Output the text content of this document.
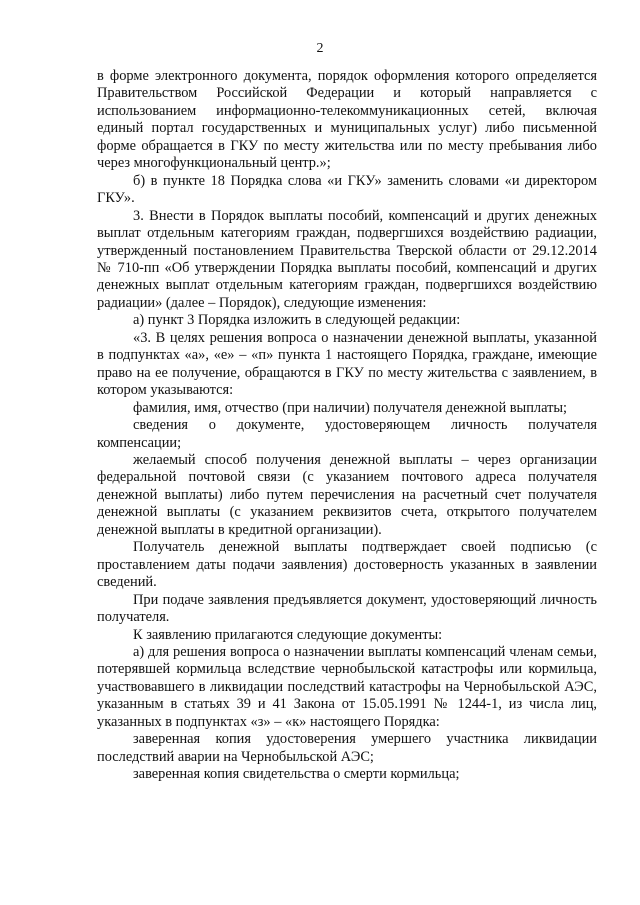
2

в форме электронного документа, порядок оформления которого определяется Правительством Российской Федерации и который направляется с использованием информационно-телекоммуникационных сетей, включая единый портал государственных и муниципальных услуг) либо письменной форме обращается в ГКУ по месту жительства или по месту пребывания либо через многофункциональный центр.»;

б) в пункте 18 Порядка слова «и ГКУ» заменить словами «и директором ГКУ».

3. Внести в Порядок выплаты пособий, компенсаций и других денежных выплат отдельным категориям граждан, подвергшихся воздействию радиации, утвержденный постановлением Правительства Тверской области от 29.12.2014 № 710-пп «Об утверждении Порядка выплаты пособий, компенсаций и других денежных выплат отдельным категориям граждан, подвергшихся воздействию радиации» (далее – Порядок), следующие изменения:

а) пункт 3 Порядка изложить в следующей редакции:

«3. В целях решения вопроса о назначении денежной выплаты, указанной в подпунктах «а», «е» – «п» пункта 1 настоящего Порядка, граждане, имеющие право на ее получение, обращаются в ГКУ по месту жительства с заявлением, в котором указываются:

фамилия, имя, отчество (при наличии) получателя денежной выплаты;

сведения о документе, удостоверяющем личность получателя компенсации;

желаемый способ получения денежной выплаты – через организации федеральной почтовой связи (с указанием почтового адреса получателя денежной выплаты) либо путем перечисления на расчетный счет получателя денежной выплаты (с указанием реквизитов счета, открытого получателем денежной выплаты в кредитной организации).

Получатель денежной выплаты подтверждает своей подписью (с проставлением даты подачи заявления) достоверность указанных в заявлении сведений.

При подаче заявления предъявляется документ, удостоверяющий личность получателя.

К заявлению прилагаются следующие документы:

а) для решения вопроса о назначении выплаты компенсаций членам семьи, потерявшей кормильца вследствие чернобыльской катастрофы или кормильца, участвовавшего в ликвидации последствий катастрофы на Чернобыльской АЭС, указанным в статьях 39 и 41 Закона от 15.05.1991 № 1244-1, из числа лиц, указанных в подпунктах «з» – «к» настоящего Порядка:

заверенная копия удостоверения умершего участника ликвидации последствий аварии на Чернобыльской АЭС;

заверенная копия свидетельства о смерти кормильца;
